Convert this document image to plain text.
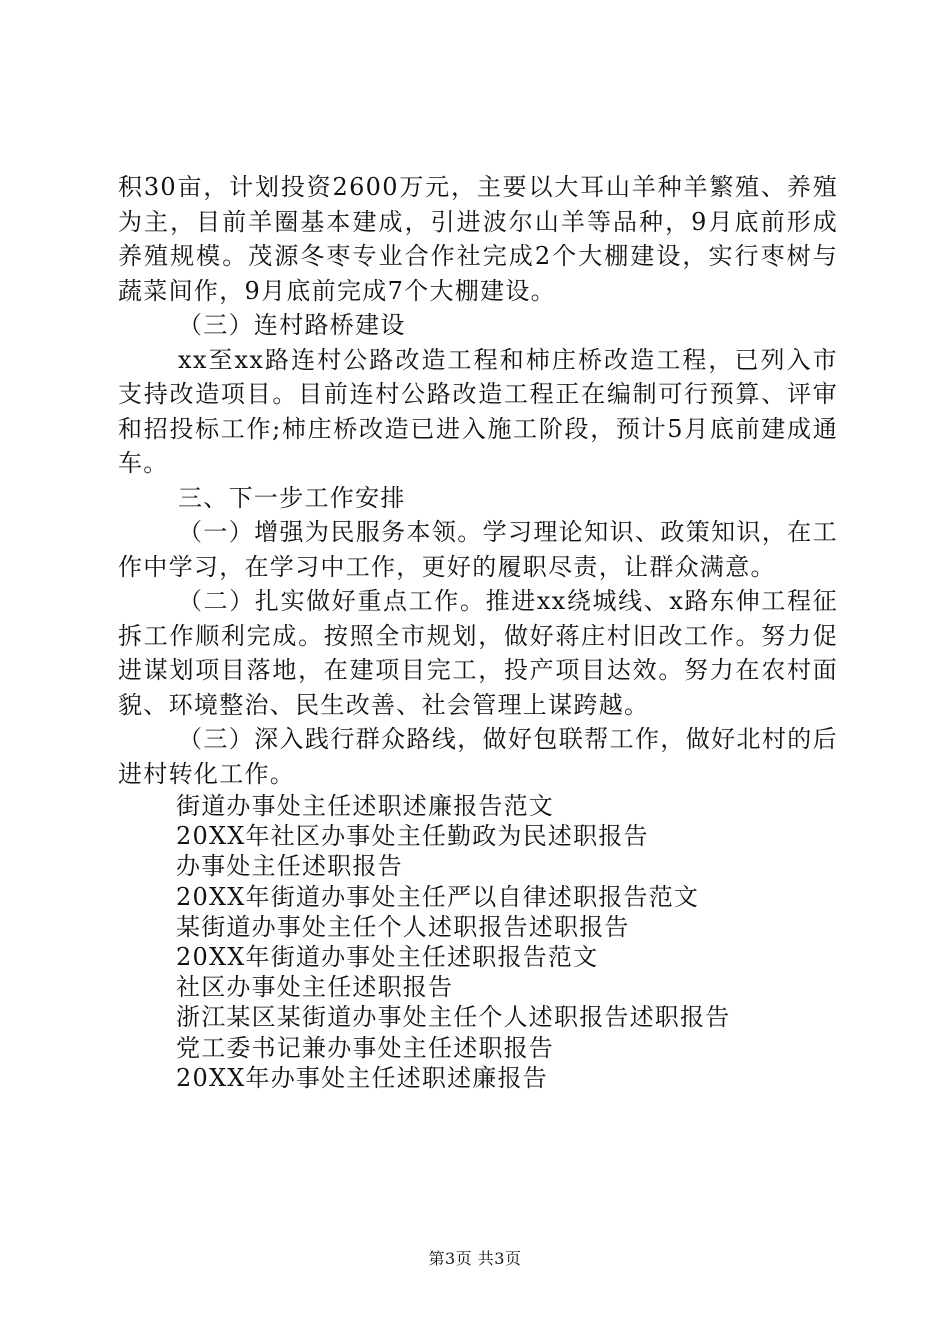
积30亩，计划投资2600万元，主要以大耳山羊种羊繁殖、养殖为主，目前羊圈基本建成，引进波尔山羊等品种，9月底前形成养殖规模。茂源冬枣专业合作社完成2个大棚建设，实行枣树与蔬菜间作，9月底前完成7个大棚建设。

（三）连村路桥建设

xx至xx路连村公路改造工程和柿庄桥改造工程，已列入市支持改造项目。目前连村公路改造工程正在编制可行预算、评审和招投标工作;柿庄桥改造已进入施工阶段，预计5月底前建成通车。

三、下一步工作安排

（一）增强为民服务本领。学习理论知识、政策知识，在工作中学习，在学习中工作，更好的履职尽责，让群众满意。

（二）扎实做好重点工作。推进xx绕城线、x路东伸工程征拆工作顺利完成。按照全市规划，做好蒋庄村旧改工作。努力促进谋划项目落地，在建项目完工，投产项目达效。努力在农村面貌、环境整治、民生改善、社会管理上谋跨越。

（三）深入践行群众路线，做好包联帮工作，做好北村的后进村转化工作。

街道办事处主任述职述廉报告范文
20XX年社区办事处主任勤政为民述职报告
办事处主任述职报告
20XX年街道办事处主任严以自律述职报告范文
某街道办事处主任个人述职报告述职报告
20XX年街道办事处主任述职报告范文
社区办事处主任述职报告
浙江某区某街道办事处主任个人述职报告述职报告
党工委书记兼办事处主任述职报告
20XX年办事处主任述职述廉报告
第3页 共3页
